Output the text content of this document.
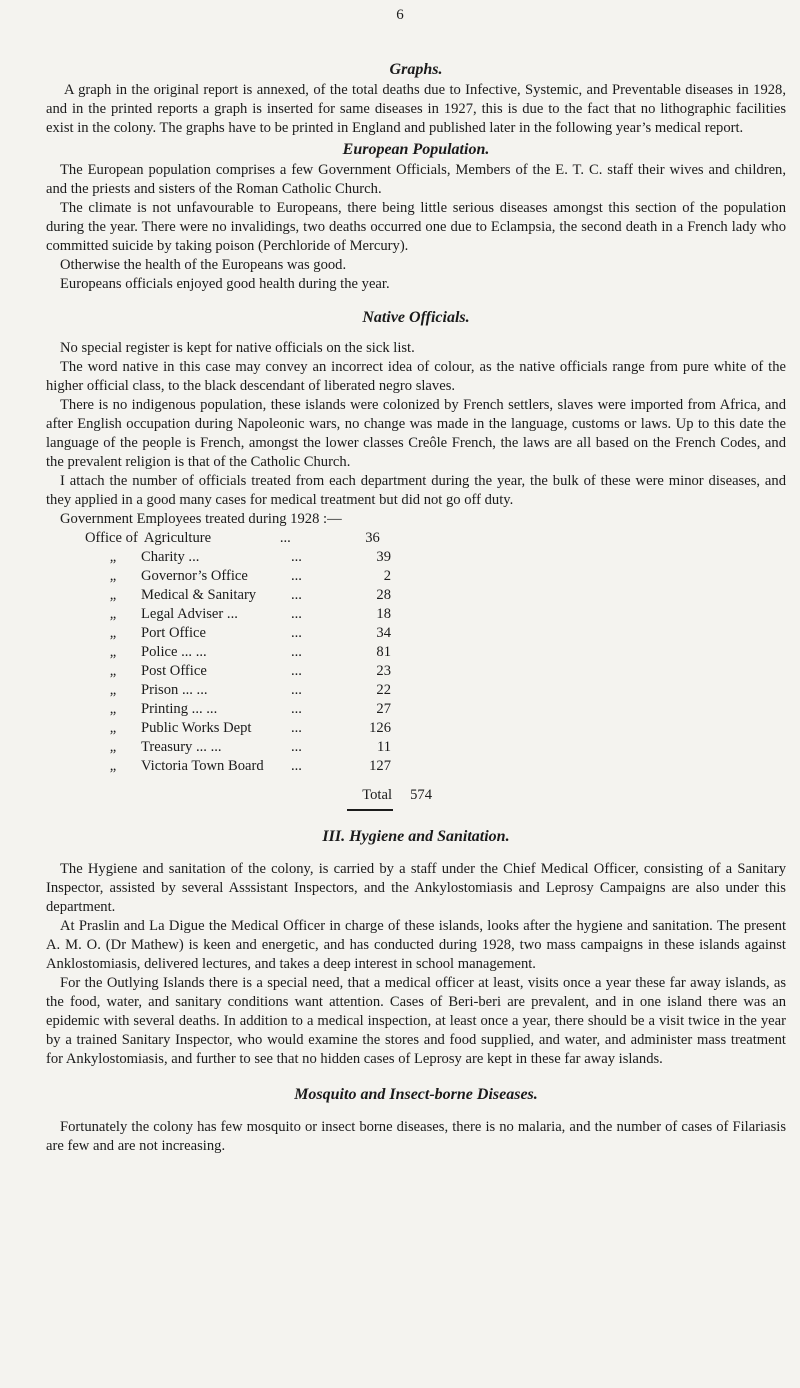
6
Graphs.

A graph in the original report is annexed, of the total deaths due to Infective, Systemic, and Preventable diseases in 1928, and in the printed reports a graph is inserted for same diseases in 1927, this is due to the fact that no lithographic facilities exist in the colony. The graphs have to be printed in England and published later in the following year’s medical report.

European Population.

The European population comprises a few Government Officials, Members of the E. T. C. staff their wives and children, and the priests and sisters of the Roman Catholic Church.

The climate is not unfavourable to Europeans, there being little serious diseases amongst this section of the population during the year. There were no invalidings, two deaths occurred one due to Eclampsia, the second death in a French lady who committed suicide by taking poison (Perchloride of Mercury).

Otherwise the health of the Europeans was good.

Europeans officials enjoyed good health during the year.

Native Officials.

No special register is kept for native officials on the sick list.

The word native in this case may convey an incorrect idea of colour, as the native officials range from pure white of the higher official class, to the black descendant of liberated negro slaves.

There is no indigenous population, these islands were colonized by French settlers, slaves were imported from Africa, and after English occupation during Napoleonic wars, no change was made in the language, customs or laws. Up to this date the language of the people is French, amongst the lower classes Creôle French, the laws are all based on the French Codes, and the prevalent religion is that of the Catholic Church.

I attach the number of officials treated from each department during the year, the bulk of these were minor diseases, and they applied in a good many cases for medical treatment but did not go off duty.

Government Employees treated during 1928 :—

Office of Agriculture	...	36
„	Charity ...	...	39
„	Governor’s Office	...	2
„	Medical & Sanitary	...	28
„	Legal Adviser ...	...	18
„	Port Office	...	34
„	Police ... ...	...	81
„	Post Office	...	23
„	Prison ... ...	...	22
„	Printing ... ...	...	27
„	Public Works Dept	...	126
„	Treasury ... ...	...	11
„	Victoria Town Board	...	127
Total	574
III. Hygiene and Sanitation.

The Hygiene and sanitation of the colony, is carried by a staff under the Chief Medical Officer, consisting of a Sanitary Inspector, assisted by several Asssistant Inspectors, and the Ankylostomiasis and Leprosy Campaigns are also under this department.

At Praslin and La Digue the Medical Officer in charge of these islands, looks after the hygiene and sanitation. The present A. M. O. (Dr Mathew) is keen and energetic, and has conducted during 1928, two mass campaigns in these islands against Anklostomiasis, delivered lectures, and takes a deep interest in school management.

For the Outlying Islands there is a special need, that a medical officer at least, visits once a year these far away islands, as the food, water, and sanitary conditions want attention. Cases of Beri-beri are prevalent, and in one island there was an epidemic with several deaths. In addition to a medical inspection, at least once a year, there should be a visit twice in the year by a trained Sanitary Inspector, who would examine the stores and food supplied, and water, and administer mass treatment for Ankylostomiasis, and further to see that no hidden cases of Leprosy are kept in these far away islands.

Mosquito and Insect-borne Diseases.

Fortunately the colony has few mosquito or insect borne diseases, there is no malaria, and the number of cases of Filariasis are few and are not increasing.
